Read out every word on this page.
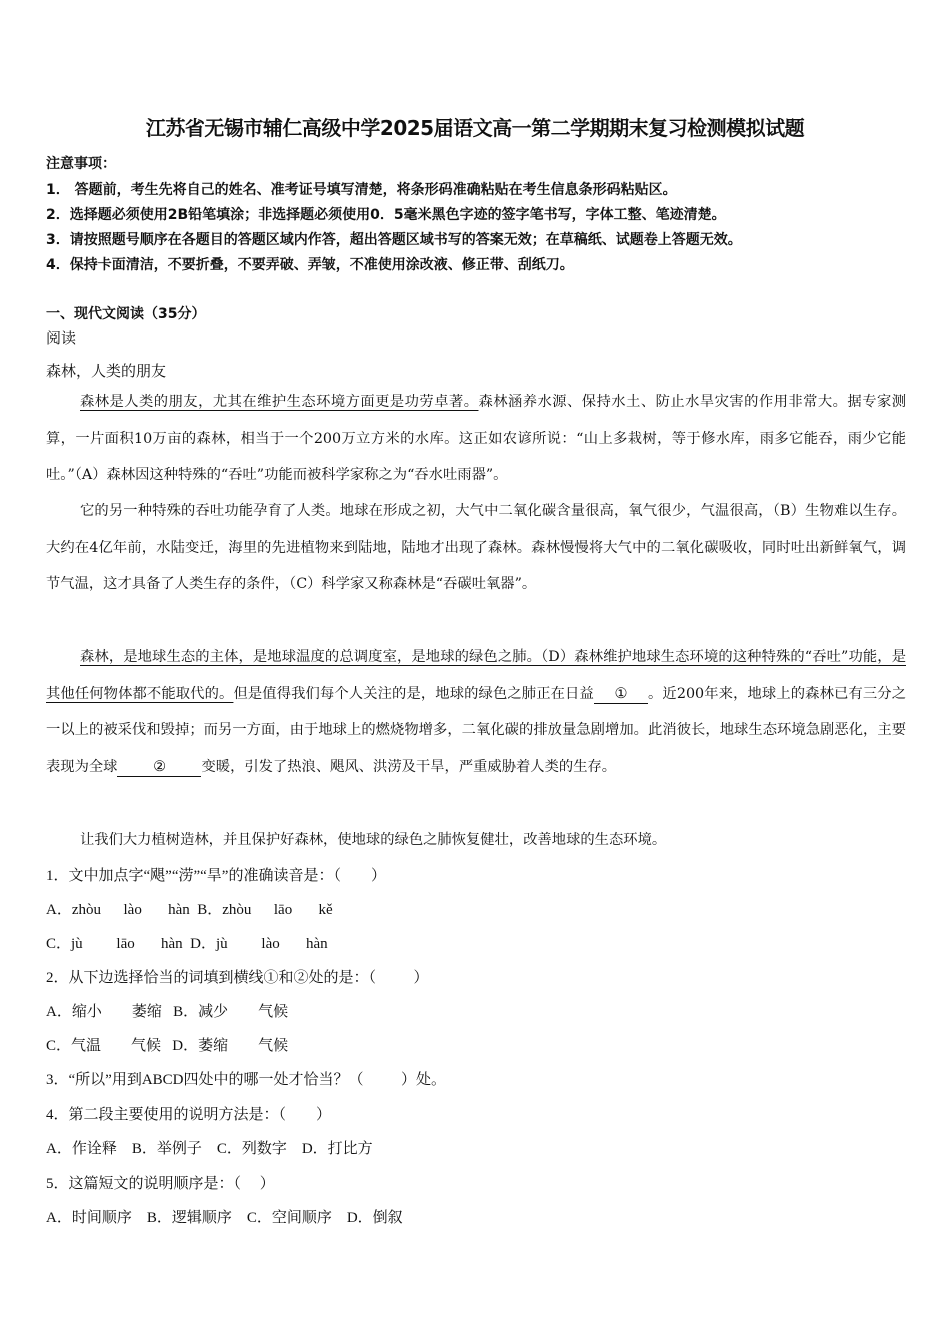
江苏省无锡市辅仁高级中学2025届语文高一第二学期期末复习检测模拟试题
注意事项：
1． 答题前，考生先将自己的姓名、准考证号填写清楚，将条形码准确粘贴在考生信息条形码粘贴区。
2．选择题必须使用2B铅笔填涂；非选择题必须使用0．5毫米黑色字迹的签字笔书写，字体工整、笔迹清楚。
3．请按照题号顺序在各题目的答题区域内作答，超出答题区域书写的答案无效；在草稿纸、试题卷上答题无效。
4．保持卡面清洁，不要折叠，不要弄破、弄皱，不准使用涂改液、修正带、刮纸刀。
一、现代文阅读（35分）
阅读
森林，人类的朋友

森林是人类的朋友，尤其在维护生态环境方面更是功劳卓著。森林涵养水源、保持水土、防止水旱灾害的作用非常大。据专家测算，一片面积10万亩的森林，相当于一个200万立方米的水库。这正如农谚所说：“山上多栽树，等于修水库，雨多它能吞，雨少它能吐。”（A）森林因这种特殊的“吞吐”功能而被科学家称之为“吞水吐雨器”。

它的另一种特殊的吞吐功能孕育了人类。地球在形成之初，大气中二氧化碳含量很高，氧气很少，气温很高，（B）生物难以生存。大约在4亿年前，水陆变迁，海里的先进植物来到陆地，陆地才出现了森林。森林慢慢将大气中的二氧化碳吸收，同时吐出新鲜氧气，调节气温，这才具备了人类生存的条件，（C）科学家又称森林是“吞碳吐氧器”。

森林，是地球生态的主体，是地球温度的总调度室，是地球的绿色之肺。（D）森林维护地球生态环境的这种特殊的“吞吐”功能，是其他任何物体都不能取代的。但是值得我们每个人关注的是，地球的绿色之肺正在日益 ① 。近200年来，地球上的森林已有三分之一以上的被采伐和毁掉；而另一方面，由于地球上的燃烧物增多，二氧化碳的排放量急剧增加。此消彼长，地球生态环境急剧恶化，主要表现为全球 ② 变暖，引发了热浪、飓风、洪涝及干旱，严重威胁着人类的生存。

让我们大力植树造林，并且保护好森林，使地球的绿色之肺恢复健壮，改善地球的生态环境。

1．文中加点字“飓”“涝”“旱”的准确读音是：（        ）
A．zhòu      lào       hàn  B．zhòu      lāo       kě
C．jù         lāo       hàn  D．jù         lào       hàn
2．从下边选择恰当的词填到横线①和②处的是：（          ）
A．缩小        萎缩   B．减少        气候
C．气温        气候   D．萎缩        气候
3．“所以”用到ABCD四处中的哪一处才恰当？（          ）处。
4．第二段主要使用的说明方法是：（        ）
A．作诠释    B．举例子    C．列数字    D．打比方
5．这篇短文的说明顺序是：（     ）
A．时间顺序    B．逻辑顺序    C．空间顺序    D．倒叙
